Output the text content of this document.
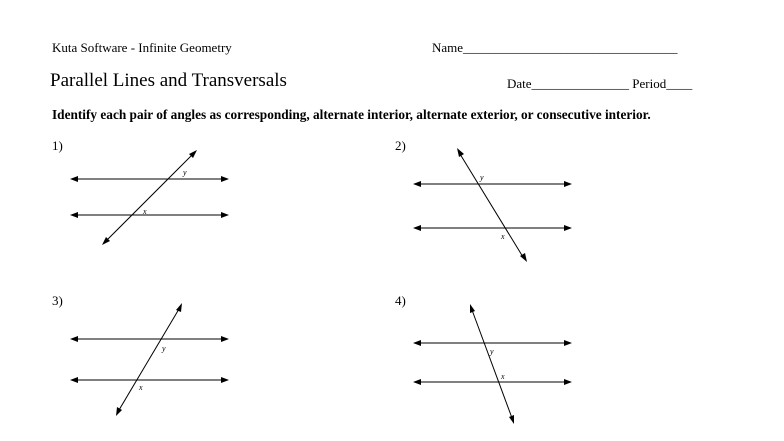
Kuta Software - Infinite Geometry	Name_________________________________
Parallel Lines and Transversals	Date_______________ Period____
Identify each pair of angles as corresponding, alternate interior, alternate exterior, or consecutive interior.
1)	2)
3)	4)
y
x
y
x
y
x
y
x
